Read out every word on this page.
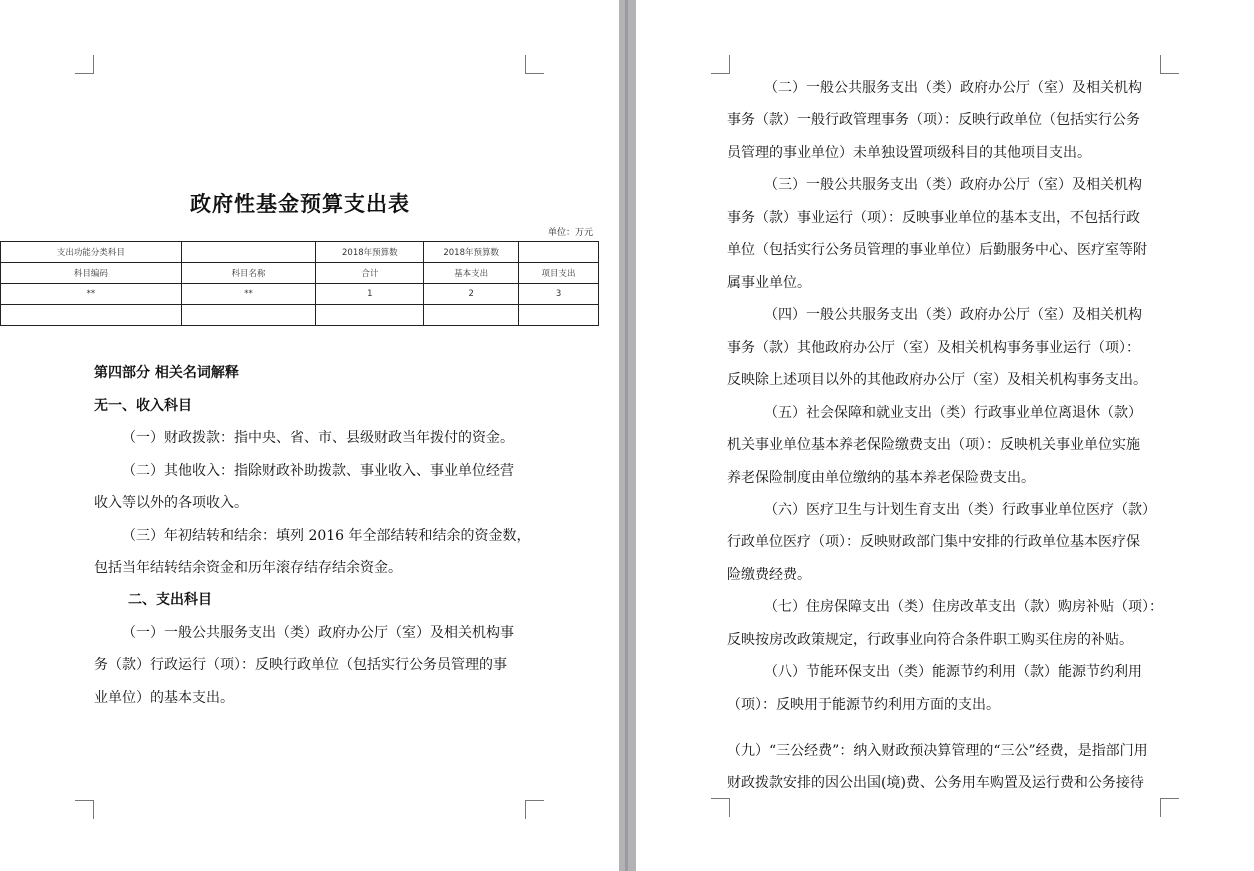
政府性基金预算支出表
单位：万元
支出功能分类科目		2018年预算数	2018年预算数	
科目编码	科目名称	合计	基本支出	项目支出
**	**	1	2	3

第四部分 相关名词解释
无一、收入科目
（一）财政拨款：指中央、省、市、县级财政当年拨付的资金。
（二）其他收入：指除财政补助拨款、事业收入、事业单位经营
收入等以外的各项收入。
（三）年初结转和结余：填列 2016 年全部结转和结余的资金数，
包括当年结转结余资金和历年滚存结存结余资金。
二、支出科目
（一）一般公共服务支出（类）政府办公厅（室）及相关机构事
务（款）行政运行（项）：反映行政单位（包括实行公务员管理的事
业单位）的基本支出。
（二）一般公共服务支出（类）政府办公厅（室）及相关机构
事务（款）一般行政管理事务（项）：反映行政单位（包括实行公务
员管理的事业单位）未单独设置项级科目的其他项目支出。
（三）一般公共服务支出（类）政府办公厅（室）及相关机构
事务（款）事业运行（项）：反映事业单位的基本支出，不包括行政
单位（包括实行公务员管理的事业单位）后勤服务中心、医疗室等附
属事业单位。
（四）一般公共服务支出（类）政府办公厅（室）及相关机构
事务（款）其他政府办公厅（室）及相关机构事务事业运行（项）：
反映除上述项目以外的其他政府办公厅（室）及相关机构事务支出。
（五）社会保障和就业支出（类）行政事业单位离退休（款）
机关事业单位基本养老保险缴费支出（项）：反映机关事业单位实施
养老保险制度由单位缴纳的基本养老保险费支出。
（六）医疗卫生与计划生育支出（类）行政事业单位医疗（款）
行政单位医疗（项）：反映财政部门集中安排的行政单位基本医疗保
险缴费经费。
（七）住房保障支出（类）住房改革支出（款）购房补贴（项）：
反映按房改政策规定，行政事业向符合条件职工购买住房的补贴。
（八）节能环保支出（类）能源节约利用（款）能源节约利用
（项）：反映用于能源节约利用方面的支出。
（九）“三公经费”：纳入财政预决算管理的“三公”经费，是指部门用
财政拨款安排的因公出国(境)费、公务用车购置及运行费和公务接待
